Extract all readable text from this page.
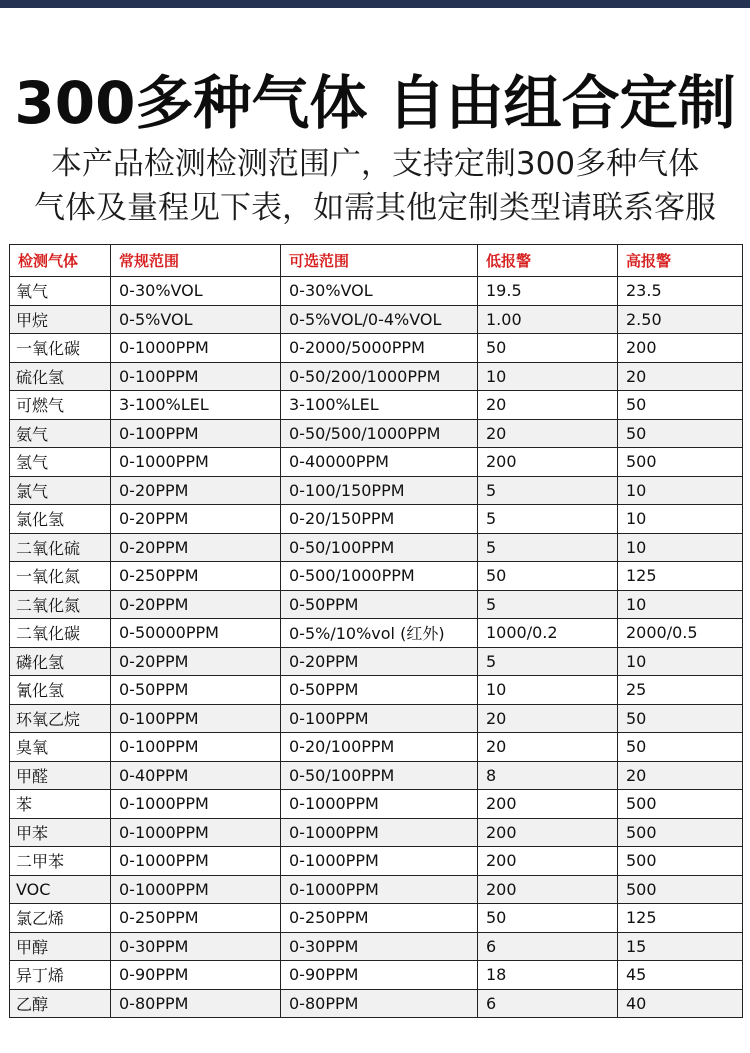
300多种气体 自由组合定制
本产品检测检测范围广，支持定制300多种气体
气体及量程见下表，如需其他定制类型请联系客服
检测气体	常规范围	可选范围	低报警	高报警
氧气	0-30%VOL	0-30%VOL	19.5	23.5
甲烷	0-5%VOL	0-5%VOL/0-4%VOL	1.00	2.50
一氧化碳	0-1000PPM	0-2000/5000PPM	50	200
硫化氢	0-100PPM	0-50/200/1000PPM	10	20
可燃气	3-100%LEL	3-100%LEL	20	50
氨气	0-100PPM	0-50/500/1000PPM	20	50
氢气	0-1000PPM	0-40000PPM	200	500
氯气	0-20PPM	0-100/150PPM	5	10
氯化氢	0-20PPM	0-20/150PPM	5	10
二氧化硫	0-20PPM	0-50/100PPM	5	10
一氧化氮	0-250PPM	0-500/1000PPM	50	125
二氧化氮	0-20PPM	0-50PPM	5	10
二氧化碳	0-50000PPM	0-5%/10%vol (红外)	1000/0.2	2000/0.5
磷化氢	0-20PPM	0-20PPM	5	10
氰化氢	0-50PPM	0-50PPM	10	25
环氧乙烷	0-100PPM	0-100PPM	20	50
臭氧	0-100PPM	0-20/100PPM	20	50
甲醛	0-40PPM	0-50/100PPM	8	20
苯	0-1000PPM	0-1000PPM	200	500
甲苯	0-1000PPM	0-1000PPM	200	500
二甲苯	0-1000PPM	0-1000PPM	200	500
VOC	0-1000PPM	0-1000PPM	200	500
氯乙烯	0-250PPM	0-250PPM	50	125
甲醇	0-30PPM	0-30PPM	6	15
异丁烯	0-90PPM	0-90PPM	18	45
乙醇	0-80PPM	0-80PPM	6	40
